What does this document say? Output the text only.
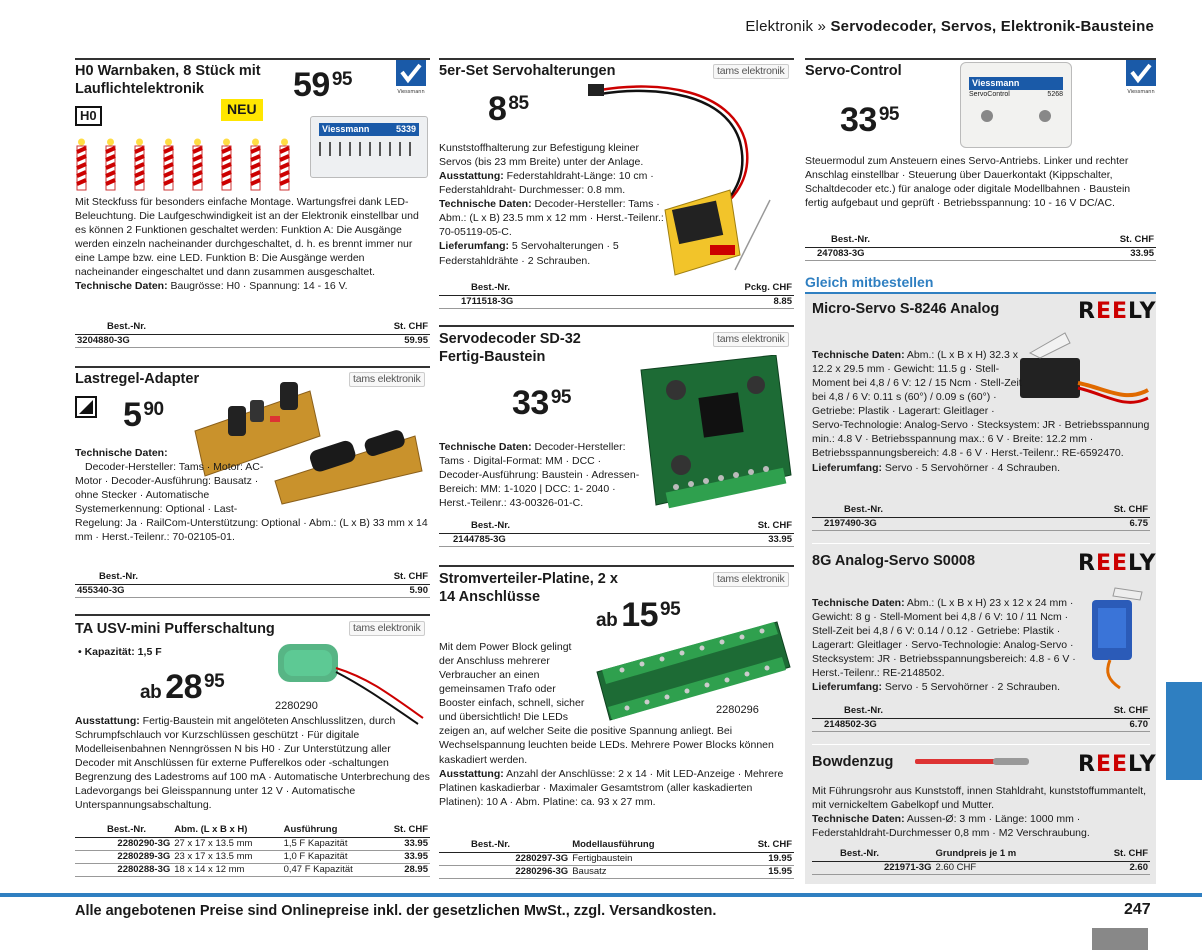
Elektronik » Servodecoder, Servos, Elektronik-Bausteine
H0 Warnbaken, 8 Stück mit Lauflichtelektronik	59 $^{95}$
Viessmann
NEU
H0
Viessmann	5339
Mit Steckfuss für besonders einfache Montage. Wartungsfrei dank LED-Beleuchtung. Die Laufgeschwindigkeit ist an der Elektronik einstellbar und es können 2 Funktionen geschaltet werden: Funktion A: Die Ausgänge werden einzeln nacheinander durchgeschaltet, d. h. es brennt immer nur eine Lampe bzw. eine LED. Funktion B: Die Ausgänge werden nacheinander eingeschaltet und dann zusammen ausgeschaltet.
Technische Daten: Baugrösse: H0 · Spannung: 14 - 16 V.
Best.-Nr.	St. CHF
3204880-3G	59.95
Lastregel-Adapter	tams elektronik
5 $^{90}$
Technische Daten:
Decoder-Hersteller: Tams · Motor: AC-Motor · Decoder-Ausführung: Bausatz · ohne Stecker · Automatische Systemerkennung: Optional · Last-Regelung: Ja · RailCom-Unterstützung: Optional · Abm.: (L x B) 33 mm x 14 mm · Herst.-Teilenr.: 70-02105-01.
Best.-Nr.	St. CHF
455340-3G	5.90
TA USV-mini Pufferschaltung	tams elektronik
• Kapazität: 1,5 F
ab 28 $^{95}$
2280290
Ausstattung: Fertig-Baustein mit angelöteten Anschlusslitzen, durch Schrumpfschlauch vor Kurzschlüssen geschützt · Für digitale Modelleisenbahnen Nenngrössen N bis H0 · Zur Unterstützung aller Decoder mit Anschlüssen für externe Pufferelkos oder -schaltungen Begrenzung des Ladestroms auf 100 mA · Automatische Unterbrechung des Ladevorgangs bei Gleisspannung unter 12 V · Automatische Unterspannungsabschaltung.
Best.-Nr.	Abm. (L x B x H)	Ausführung	St. CHF
2280290-3G	27 x 17 x 13.5 mm	1,5 F Kapazität	33.95
2280289-3G	23 x 17 x 13.5 mm	1,0 F Kapazität	33.95
2280288-3G	18 x 14 x 12 mm	0,47 F Kapazität	28.95
5er-Set Servohalterungen	tams elektronik
8 $^{85}$
Kunststoffhalterung zur Befestigung kleiner Servos (bis 23 mm Breite) unter der Anlage.
Ausstattung: Federstahldraht-Länge: 10 cm · Federstahldraht- Durchmesser: 0.8 mm.
Technische Daten: Decoder-Hersteller: Tams · Abm.: (L x B) 23.5 mm x 12 mm · Herst.-Teilenr.: 70-05119-05-C.
Lieferumfang: 5 Servohalterungen · 5 Federstahldrähte · 2 Schrauben.
Best.-Nr.	Pckg. CHF
1711518-3G	8.85
Servodecoder SD-32 Fertig-Baustein
tams elektronik
33 $^{95}$
Technische Daten: Decoder-Hersteller: Tams · Digital-Format: MM · DCC · Decoder-Ausführung: Baustein · Adressen-Bereich: MM: 1-1020 | DCC: 1- 2040 · Herst.-Teilenr.: 43-00326-01-C.
Best.-Nr.	St. CHF
2144785-3G	33.95
Stromverteiler-Platine, 2 x 14 Anschlüsse
tams elektronik
ab 15 $^{95}$
2280296
Mit dem Power Block gelingt der Anschluss mehrerer Verbraucher an einen gemeinsamen Trafo oder Booster einfach, schnell, sicher und übersichtlich! Die LEDs zeigen an, auf welcher Seite die positive Spannung anliegt. Bei Wechselspannung leuchten beide LEDs. Mehrere Power Blocks können kaskadiert werden.
Ausstattung: Anzahl der Anschlüsse: 2 x 14 · Mit LED-Anzeige · Mehrere Platinen kaskadierbar · Maximaler Gesamtstrom (aller kaskadierten Platinen): 10 A · Abm. Platine: ca. 93 x 27 mm.
Best.-Nr.	Modellausführung	St. CHF
2280297-3G	Fertigbaustein	19.95
2280296-3G	Bausatz	15.95
Servo-Control
Viessmann
33 $^{95}$
Viessmann
ServoControl	5268
Steuermodul zum Ansteuern eines Servo-Antriebs. Linker und rechter Anschlag einstellbar · Steuerung über Dauerkontakt (Kippschalter, Schaltdecoder etc.) für analoge oder digitale Modellbahnen · Baustein fertig aufgebaut und geprüft · Betriebsspannung: 10 - 16 V DC/AC.
Best.-Nr.	St. CHF
247083-3G	33.95
Gleich mitbestellen
Micro-Servo S-8246 Analog	REELY
Technische Daten: Abm.: (L x B x H) 32.3 x 12.2 x 29.5 mm · Gewicht: 11.5 g · Stell-Moment bei 4,8 / 6 V: 12 / 15 Ncm · Stell-Zeit bei 4,8 / 6 V: 0.11 s (60°) / 0.09 s (60°) · Getriebe: Plastik · Lagerart: Gleitlager · Servo-Technologie: Analog-Servo · Stecksystem: JR · Betriebsspannung min.: 4.8 V · Betriebsspannung max.: 6 V · Breite: 12.2 mm · Betriebsspannungsbereich: 4.8 - 6 V · Herst.-Teilenr.: RE-6592470.
Lieferumfang: Servo · 5 Servohörner · 4 Schrauben.
Best.-Nr.	St. CHF
2197490-3G	6.75
8G Analog-Servo S0008	REELY
Technische Daten: Abm.: (L x B x H) 23 x 12 x 24 mm · Gewicht: 8 g · Stell-Moment bei 4,8 / 6 V: 10 / 11 Ncm · Stell-Zeit bei 4,8 / 6 V: 0.14 / 0.12 · Getriebe: Plastik · Lagerart: Gleitlager · Servo-Technologie: Analog-Servo · Stecksystem: JR · Betriebsspannungsbereich: 4.8 - 6 V · Herst.-Teilenr.: RE-2148502.
Lieferumfang: Servo · 5 Servohörner · 2 Schrauben.
Best.-Nr.	St. CHF
2148502-3G	6.70
Bowdenzug	REELY
Mit Führungsrohr aus Kunststoff, innen Stahldraht, kunststoffummantelt, mit vernickeltem Gabelkopf und Mutter.
Technische Daten: Aussen-Ø: 3 mm · Länge: 1000 mm · Federstahldraht-Durchmesser 0,8 mm · M2 Verschraubung.
Best.-Nr.	Grundpreis je 1 m	St. CHF
221971-3G	2.60 CHF	2.60
Alle angebotenen Preise sind Onlinepreise inkl. der gesetzlichen MwSt., zzgl. Versandkosten.	247
